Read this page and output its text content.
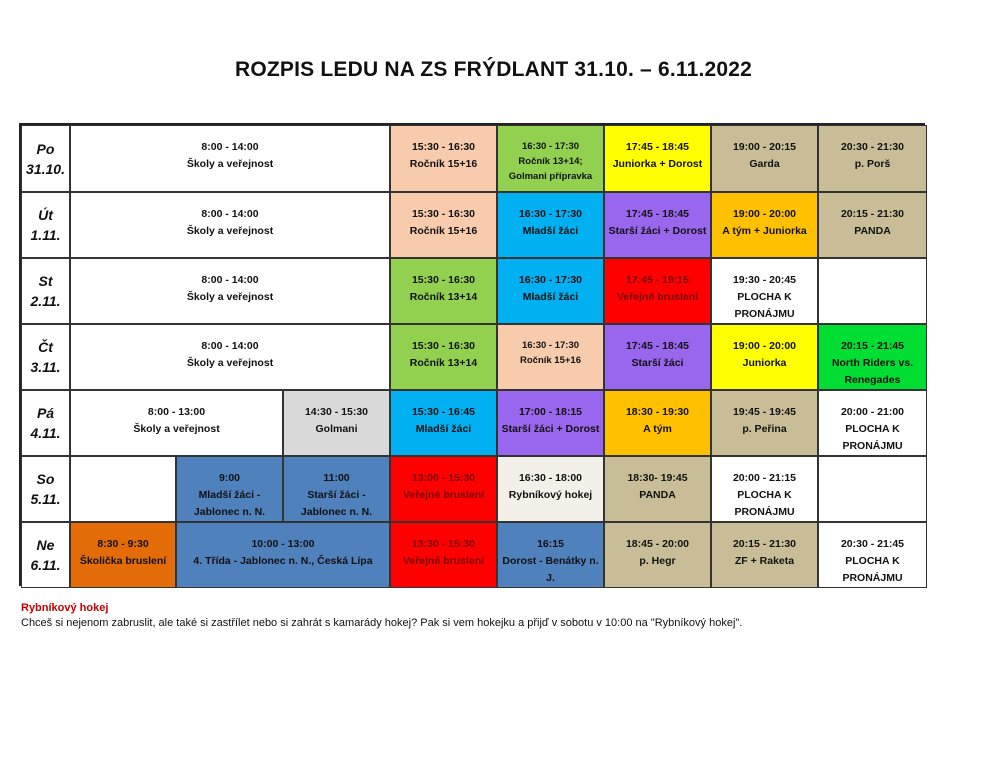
ROZPIS LEDU NA ZS FRÝDLANT 31.10. – 6.11.2022
Po
31.10.
8:00 - 14:00
Školy a veřejnost
15:30 - 16:30
Ročník 15+16
16:30 - 17:30
Ročník 13+14;
Golmani přípravka
17:45 - 18:45
Juniorka + Dorost
19:00 - 20:15
Garda
20:30 - 21:30
p. Porš
Út
1.11.
8:00 - 14:00
Školy a veřejnost
15:30 - 16:30
Ročník 15+16
16:30 - 17:30
Mladší žáci
17:45 - 18:45
Starší žáci + Dorost
19:00 - 20:00
A tým + Juniorka
20:15 - 21:30
PANDA
St
2.11.
8:00 - 14:00
Školy a veřejnost
15:30 - 16:30
Ročník 13+14
16:30 - 17:30
Mladší žáci
17:45 - 19:15
Veřejné bruslení
19:30 - 20:45
PLOCHA K
PRONÁJMU
Čt
3.11.
8:00 - 14:00
Školy a veřejnost
15:30 - 16:30
Ročník 13+14
16:30 - 17:30
Ročník 15+16
17:45 - 18:45
Starší žáci
19:00 - 20:00
Juniorka
20:15 - 21:45
North Riders vs.
Renegades
Pá
4.11.
8:00 - 13:00
Školy a veřejnost
14:30 - 15:30
Golmani
15:30 - 16:45
Mladší žáci
17:00 - 18:15
Starší žáci + Dorost
18:30 - 19:30
A tým
19:45 - 19:45
p. Peřina
20:00 - 21:00
PLOCHA K
PRONÁJMU
So
5.11.
9:00
Mladší žáci -
Jablonec n. N.
11:00
Starší žáci -
Jablonec n. N.
13:00 - 15:30
Veřejné bruslení
16:30 - 18:00
Rybníkový hokej
18:30- 19:45
PANDA
20:00 - 21:15
PLOCHA K
PRONÁJMU
Ne
6.11.
8:30 - 9:30
Školička bruslení
10:00 - 13:00
4. Třída - Jablonec n. N., Česká Lípa
13:30 - 15:30
Veřejné bruslení
16:15
Dorost - Benátky n.
J.
18:45 - 20:00
p. Hegr
20:15 - 21:30
ZF + Raketa
20:30 - 21:45
PLOCHA K
PRONÁJMU
Rybníkový hokej
Chceš si nejenom zabruslit, ale také si zastřílet nebo si zahrát s kamarády hokej? Pak si vem hokejku a přijď v sobotu v 10:00 na "Rybníkový hokej".
